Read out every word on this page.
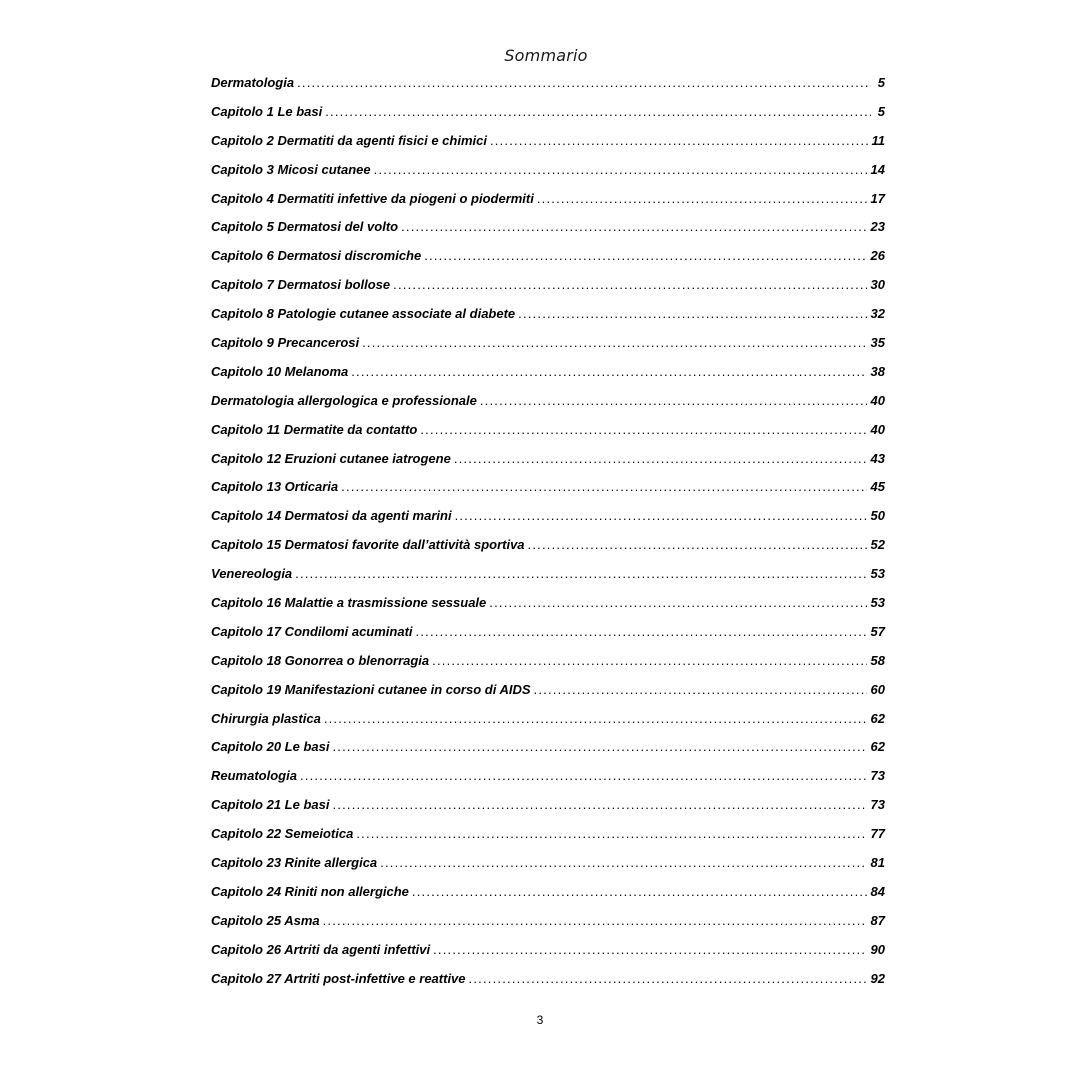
Sommario
Dermatologia .....	5
Capitolo 1 Le basi .....	5
Capitolo 2 Dermatiti da agenti fisici e chimici .....	11
Capitolo 3 Micosi cutanee .....	14
Capitolo 4 Dermatiti infettive da piogeni o piodermiti .....	17
Capitolo 5 Dermatosi del volto .....	23
Capitolo 6 Dermatosi discromiche .....	26
Capitolo 7 Dermatosi bollose .....	30
Capitolo 8 Patologie cutanee associate al diabete .....	32
Capitolo 9 Precancerosi .....	35
Capitolo 10 Melanoma .....	38
Dermatologia allergologica e professionale .....	40
Capitolo 11 Dermatite da contatto .....	40
Capitolo 12 Eruzioni cutanee iatrogene .....	43
Capitolo 13 Orticaria .....	45
Capitolo 14 Dermatosi da agenti marini .....	50
Capitolo 15 Dermatosi favorite dall’attività sportiva .....	52
Venereologia .....	53
Capitolo 16 Malattie a trasmissione sessuale .....	53
Capitolo 17 Condilomi acuminati .....	57
Capitolo 18 Gonorrea o blenorragia .....	58
Capitolo 19 Manifestazioni cutanee in corso di AIDS .....	60
Chirurgia plastica .....	62
Capitolo 20 Le basi .....	62
Reumatologia .....	73
Capitolo 21 Le basi .....	73
Capitolo 22 Semeiotica .....	77
Capitolo 23 Rinite allergica .....	81
Capitolo 24 Riniti non allergiche .....	84
Capitolo 25 Asma .....	87
Capitolo 26 Artriti da agenti infettivi .....	90
Capitolo 27 Artriti post-infettive e reattive .....	92
3
